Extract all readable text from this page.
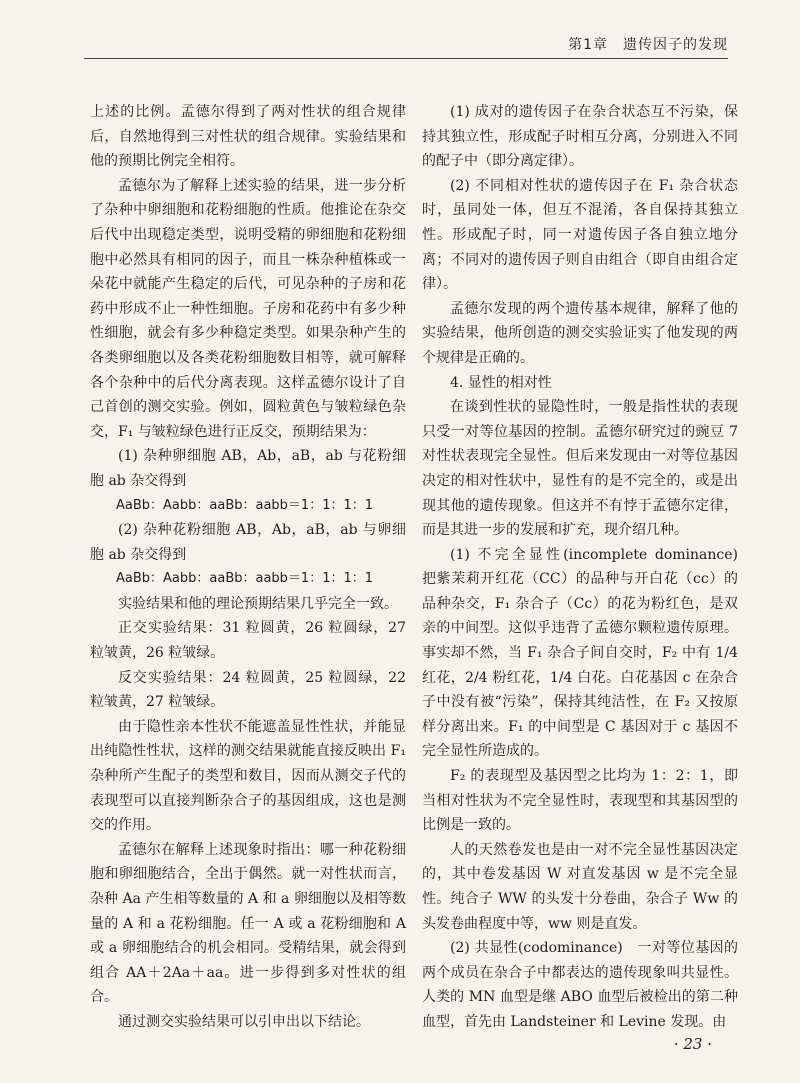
第1章　遗传因子的发现

上述的比例。孟德尔得到了两对性状的组合规律后，自然地得到三对性状的组合规律。实验结果和他的预期比例完全相符。

孟德尔为了解释上述实验的结果，进一步分析了杂种中卵细胞和花粉细胞的性质。他推论在杂交后代中出现稳定类型，说明受精的卵细胞和花粉细胞中必然具有相同的因子，而且一株杂种植株或一朵花中就能产生稳定的后代，可见杂种的子房和花药中形成不止一种性细胞。子房和花药中有多少种性细胞，就会有多少种稳定类型。如果杂种产生的各类卵细胞以及各类花粉细胞数目相等，就可解释各个杂种中的后代分离表现。这样孟德尔设计了自己首创的测交实验。例如，圆粒黄色与皱粒绿色杂交，F₁ 与皱粒绿色进行正反交，预期结果为：

(1) 杂种卵细胞 AB，Ab，aB，ab 与花粉细胞 ab 杂交得到

AaBb：Aabb：aaBb：aabb＝1：1：1：1

(2) 杂种花粉细胞 AB，Ab，aB，ab 与卵细胞 ab 杂交得到

AaBb：Aabb：aaBb：aabb＝1：1：1：1

实验结果和他的理论预期结果几乎完全一致。

正交实验结果：31 粒圆黄，26 粒圆绿，27 粒皱黄，26 粒皱绿。

反交实验结果：24 粒圆黄，25 粒圆绿，22 粒皱黄，27 粒皱绿。

由于隐性亲本性状不能遮盖显性性状，并能显出纯隐性性状，这样的测交结果就能直接反映出 F₁ 杂种所产生配子的类型和数目，因而从测交子代的表现型可以直接判断杂合子的基因组成，这也是测交的作用。

孟德尔在解释上述现象时指出：哪一种花粉细胞和卵细胞结合，全出于偶然。就一对性状而言，杂种 Aa 产生相等数量的 A 和 a 卵细胞以及相等数量的 A 和 a 花粉细胞。任一 A 或 a 花粉细胞和 A 或 a 卵细胞结合的机会相同。受精结果，就会得到组合 AA＋2Aa＋aa。进一步得到多对性状的组合。

通过测交实验结果可以引申出以下结论。

(1) 成对的遗传因子在杂合状态互不污染，保持其独立性，形成配子时相互分离，分别进入不同的配子中（即分离定律）。

(2) 不同相对性状的遗传因子在 F₁ 杂合状态时，虽同处一体，但互不混淆，各自保持其独立性。形成配子时，同一对遗传因子各自独立地分离；不同对的遗传因子则自由组合（即自由组合定律）。

孟德尔发现的两个遗传基本规律，解释了他的实验结果，他所创造的测交实验证实了他发现的两个规律是正确的。

4. 显性的相对性

在谈到性状的显隐性时，一般是指性状的表现只受一对等位基因的控制。孟德尔研究过的豌豆 7 对性状表现完全显性。但后来发现由一对等位基因决定的相对性状中，显性有的是不完全的，或是出现其他的遗传现象。但这并不有悖于孟德尔定律，而是其进一步的发展和扩充，现介绍几种。

(1) 不完全显性(incomplete dominance)　把紫茉莉开红花（CC）的品种与开白花（cc）的品种杂交，F₁ 杂合子（Cc）的花为粉红色，是双亲的中间型。这似乎违背了孟德尔颗粒遗传原理。事实却不然，当 F₁ 杂合子间自交时，F₂ 中有 1/4 红花，2/4 粉红花，1/4 白花。白花基因 c 在杂合子中没有被“污染”，保持其纯洁性，在 F₂ 又按原样分离出来。F₁ 的中间型是 C 基因对于 c 基因不完全显性所造成的。

F₂ 的表现型及基因型之比均为 1：2：1，即当相对性状为不完全显性时，表现型和其基因型的比例是一致的。

人的天然卷发也是由一对不完全显性基因决定的，其中卷发基因 W 对直发基因 w 是不完全显性。纯合子 WW 的头发十分卷曲，杂合子 Ww 的头发卷曲程度中等，ww 则是直发。

(2) 共显性(codominance)　一对等位基因的两个成员在杂合子中都表达的遗传现象叫共显性。人类的 MN 血型是继 ABO 血型后被检出的第二种血型，首先由 Landsteiner 和 Levine 发现。由

· 23 ·
